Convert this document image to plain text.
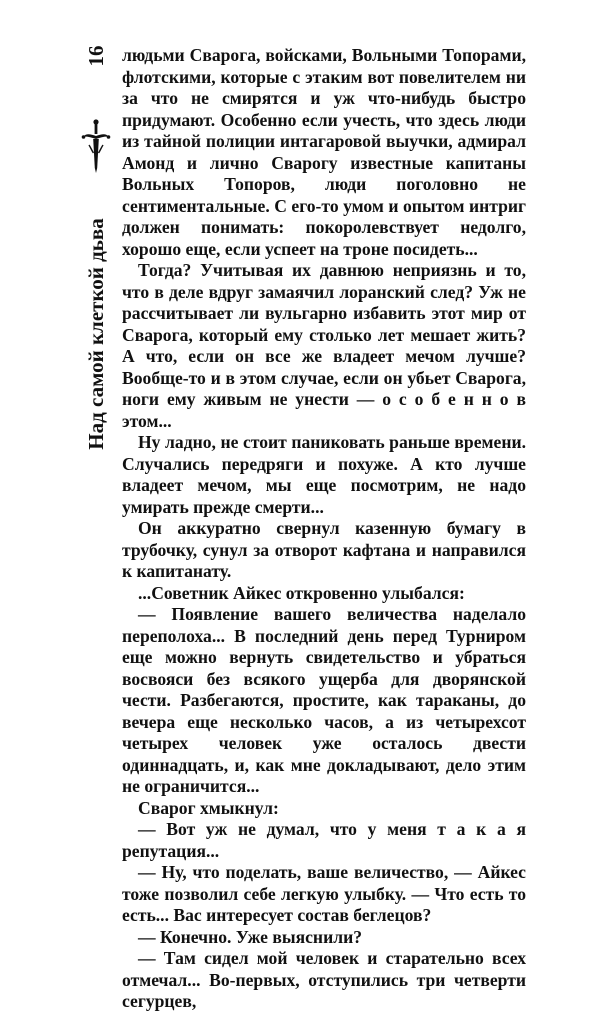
16
Над самой клеткой дьва

людьми Сварога, войсками, Вольными Топорами, флотскими, которые с этаким вот повелителем ни за что не смирятся и уж что-нибудь быстро придумают. Особенно если учесть, что здесь люди из тайной полиции интагаровой выучки, адмирал Амонд и лично Сварогу известные капитаны Вольных Топоров, люди поголовно не сентиментальные. С его-то умом и опытом интриг должен понимать: покоролевствует недолго, хорошо еще, если успеет на троне посидеть...

Тогда? Учитывая их давнюю неприязнь и то, что в деле вдруг замаячил лоранский след? Уж не рассчитывает ли вульгарно избавить этот мир от Сварога, который ему столько лет мешает жить? А что, если он все же владеет мечом лучше? Вообще-то и в этом случае, если он убьет Сварога, ноги ему живым не унести — о с о б е н н о в этом...

Ну ладно, не стоит паниковать раньше времени. Случались передряги и похуже. А кто лучше владеет мечом, мы еще посмотрим, не надо умирать прежде смерти...

Он аккуратно свернул казенную бумагу в трубочку, сунул за отворот кафтана и направился к капитанату.

...Советник Айкес откровенно улыбался:

— Появление вашего величества наделало переполоха... В последний день перед Турниром еще можно вернуть свидетельство и убраться восвояси без всякого ущерба для дворянской чести. Разбегаются, простите, как тараканы, до вечера еще несколько часов, а из четырехсот четырех человек уже осталось двести одиннадцать, и, как мне докладывают, дело этим не ограничится...

Сварог хмыкнул:

— Вот уж не думал, что у меня т а к а я репутация...

— Ну, что поделать, ваше величество, — Айкес тоже позволил себе легкую улыбку. — Что есть то есть... Вас интересует состав беглецов?

— Конечно. Уже выяснили?

— Там сидел мой человек и старательно всех отмечал... Во-первых, отступились три четверти сегурцев,
